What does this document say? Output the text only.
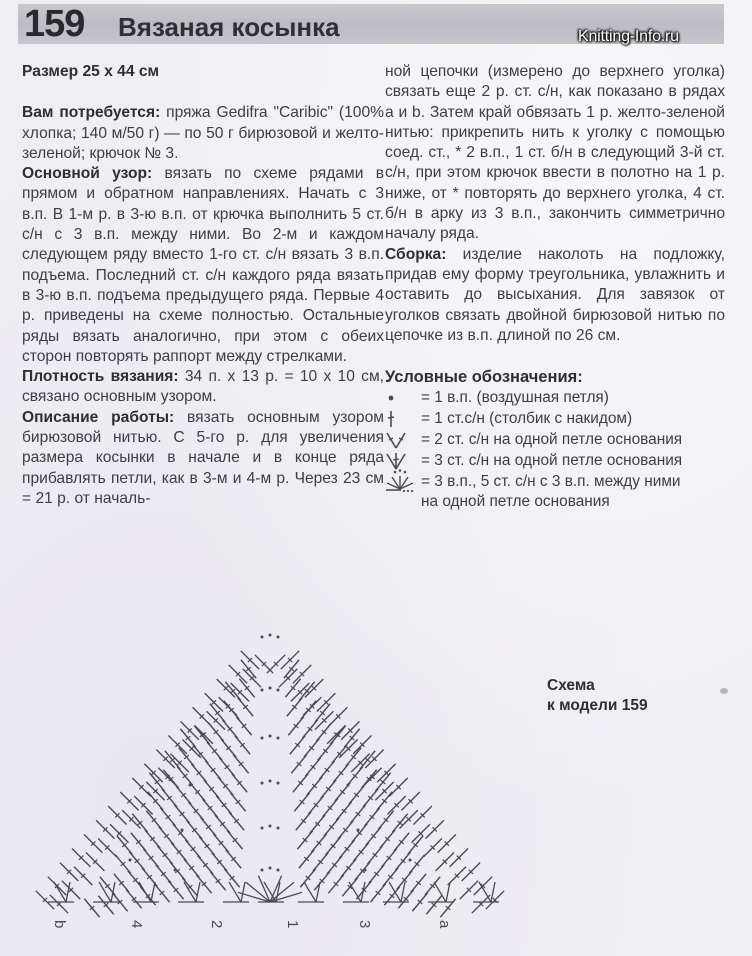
159 Вязаная косынка	Knitting-Info.ru

Размер 25 х 44 см

Вам потребуется: пряжа Gedifra "Caribic" (100% хлопка; 140 м/50 г) — по 50 г бирюзовой и желто-зеленой; крючок № 3.

Основной узор: вязать по схеме рядами в прямом и обратном направлениях. Начать с 3 в.п. В 1-м р. в 3-ю в.п. от крючка выполнить 5 ст. с/н с 3 в.п. между ними. Во 2-м и каждом следующем ряду вместо 1-го ст. с/н вязать 3 в.п. подъема. Последний ст. с/н каждого ряда вязать в 3-ю в.п. подъема предыдущего ряда. Первые 4 р. приведены на схеме полностью. Остальные ряды вязать аналогично, при этом с обеих сторон повторять раппорт между стрелками.

Плотность вязания: 34 п. х 13 р. = 10 х 10 см, связано основным узором.

Описание работы: вязать основным узором бирюзовой нитью. С 5-го р. для увеличения размера косынки в начале и в конце ряда прибавлять петли, как в 3-м и 4-м р. Через 23 см = 21 р. от началь-

ной цепочки (измерено до верхнего уголка) связать еще 2 р. ст. с/н, как показано в рядах a и b. Затем край обвязать 1 р. желто-зеленой нитью: прикрепить нить к уголку с помощью соед. ст., * 2 в.п., 1 ст. б/н в следующий 3-й ст. с/н, при этом крючок ввести в полотно на 1 р. ниже, от * повторять до верхнего уголка, 4 ст. б/н в арку из 3 в.п., закончить симметрично началу ряда.

Сборка: изделие наколоть на подложку, придав ему форму треугольника, увлажнить и оставить до высыхания. Для завязок от уголков связать двойной бирюзовой нитью по цепочке из в.п. длиной по 26 см.

Условные обозначения:

= 1 в.п. (воздушная петля)
= 1 ст.с/н (столбик с накидом)
= 2 ст. с/н на одной петле основания
= 3 ст. с/н на одной петле основания
= 3 в.п., 5 ст. с/н с 3 в.п. между ними
на одной петле основания
Схема
к модели 159
b	4	2	1	3	a
